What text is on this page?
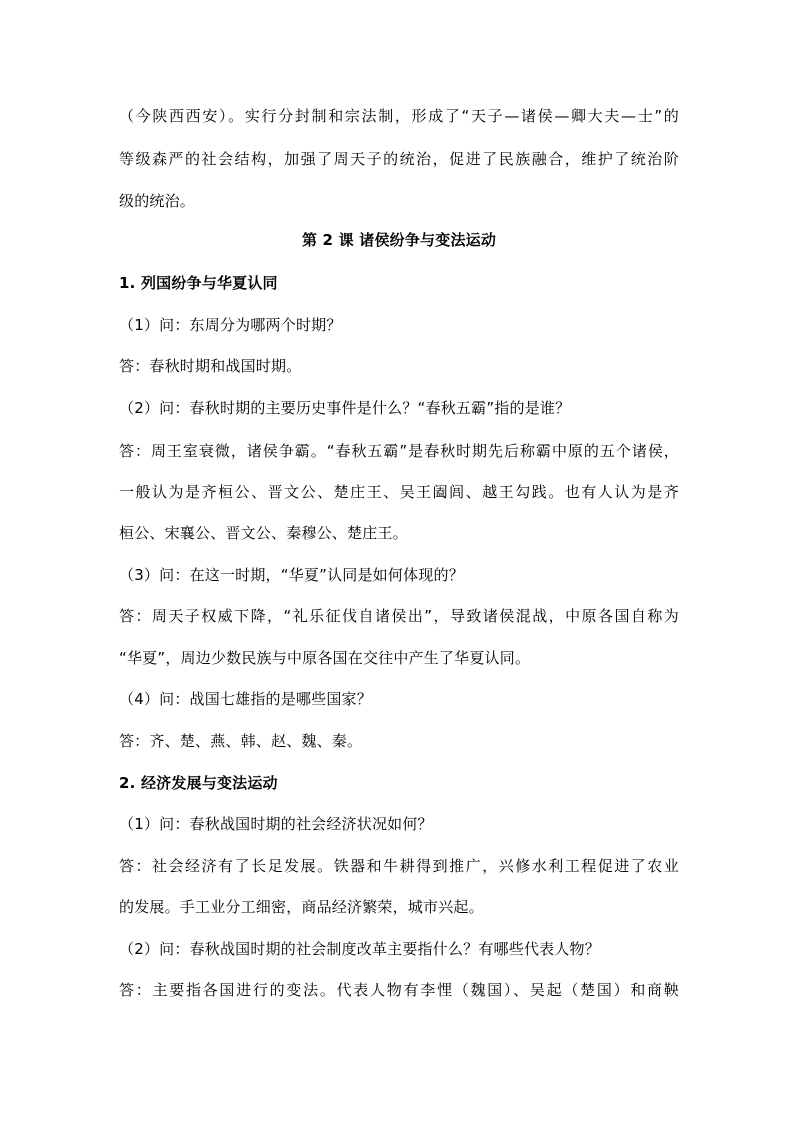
（今陕西西安）。实行分封制和宗法制，形成了“天子—诸侯—卿大夫—士”的
等级森严的社会结构，加强了周天子的统治，促进了民族融合，维护了统治阶
级的统治。
第 2 课 诸侯纷争与变法运动
1. 列国纷争与华夏认同
（1）问：东周分为哪两个时期？
答：春秋时期和战国时期。
（2）问：春秋时期的主要历史事件是什么？“春秋五霸”指的是谁？
答：周王室衰微，诸侯争霸。“春秋五霸”是春秋时期先后称霸中原的五个诸侯，
一般认为是齐桓公、晋文公、楚庄王、吴王阖闾、越王勾践。也有人认为是齐
桓公、宋襄公、晋文公、秦穆公、楚庄王。
（3）问：在这一时期，“华夏”认同是如何体现的？
答：周天子权威下降，“礼乐征伐自诸侯出”，导致诸侯混战，中原各国自称为
“华夏”，周边少数民族与中原各国在交往中产生了华夏认同。
（4）问：战国七雄指的是哪些国家？
答：齐、楚、燕、韩、赵、魏、秦。
2. 经济发展与变法运动
（1）问：春秋战国时期的社会经济状况如何？
答：社会经济有了长足发展。铁器和牛耕得到推广，兴修水利工程促进了农业
的发展。手工业分工细密，商品经济繁荣，城市兴起。
（2）问：春秋战国时期的社会制度改革主要指什么？有哪些代表人物？
答：主要指各国进行的变法。代表人物有李悝（魏国）、吴起（楚国）和商鞅
